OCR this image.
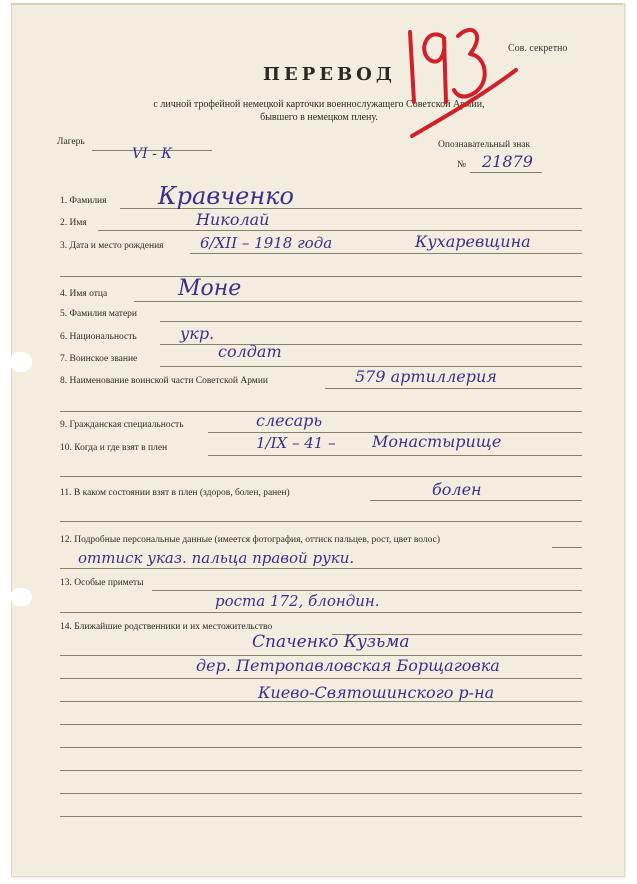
Сов. секретно
ПЕРЕВОД
с личной трофейной немецкой карточки военнослужащего Советской Армии,
бывшего в немецком плену.
913
Лагерь
VI - К
Опознавательный знак
№ 21879
1. Фамилия Кравченко
2. Имя	Николай
3. Дата и место рождения 6/XII – 1918 года	Кухаревщина
4. Имя отца	Моне
5. Фамилия матери
6. Национальность	укр.
7. Воинское звание	солдат
8. Наименование воинской части Советской Армии	579 артиллерия
9. Гражданская специальность	слесарь
10. Когда и где взят в плен	1/IX – 41 – Монастырище
11. В каком состоянии взят в плен (здоров, болен, ранен)	болен
12. Подробные персональные данные (имеется фотография, оттиск пальцев, рост, цвет волос)
оттиск указ. пальца правой руки.
13. Особые приметы
роста 172, блондин.
14. Ближайшие родственники и их местожительство
Спаченко Кузьма
дер. Петропавловская Борщаговка
Киево-Святошинского р-на
